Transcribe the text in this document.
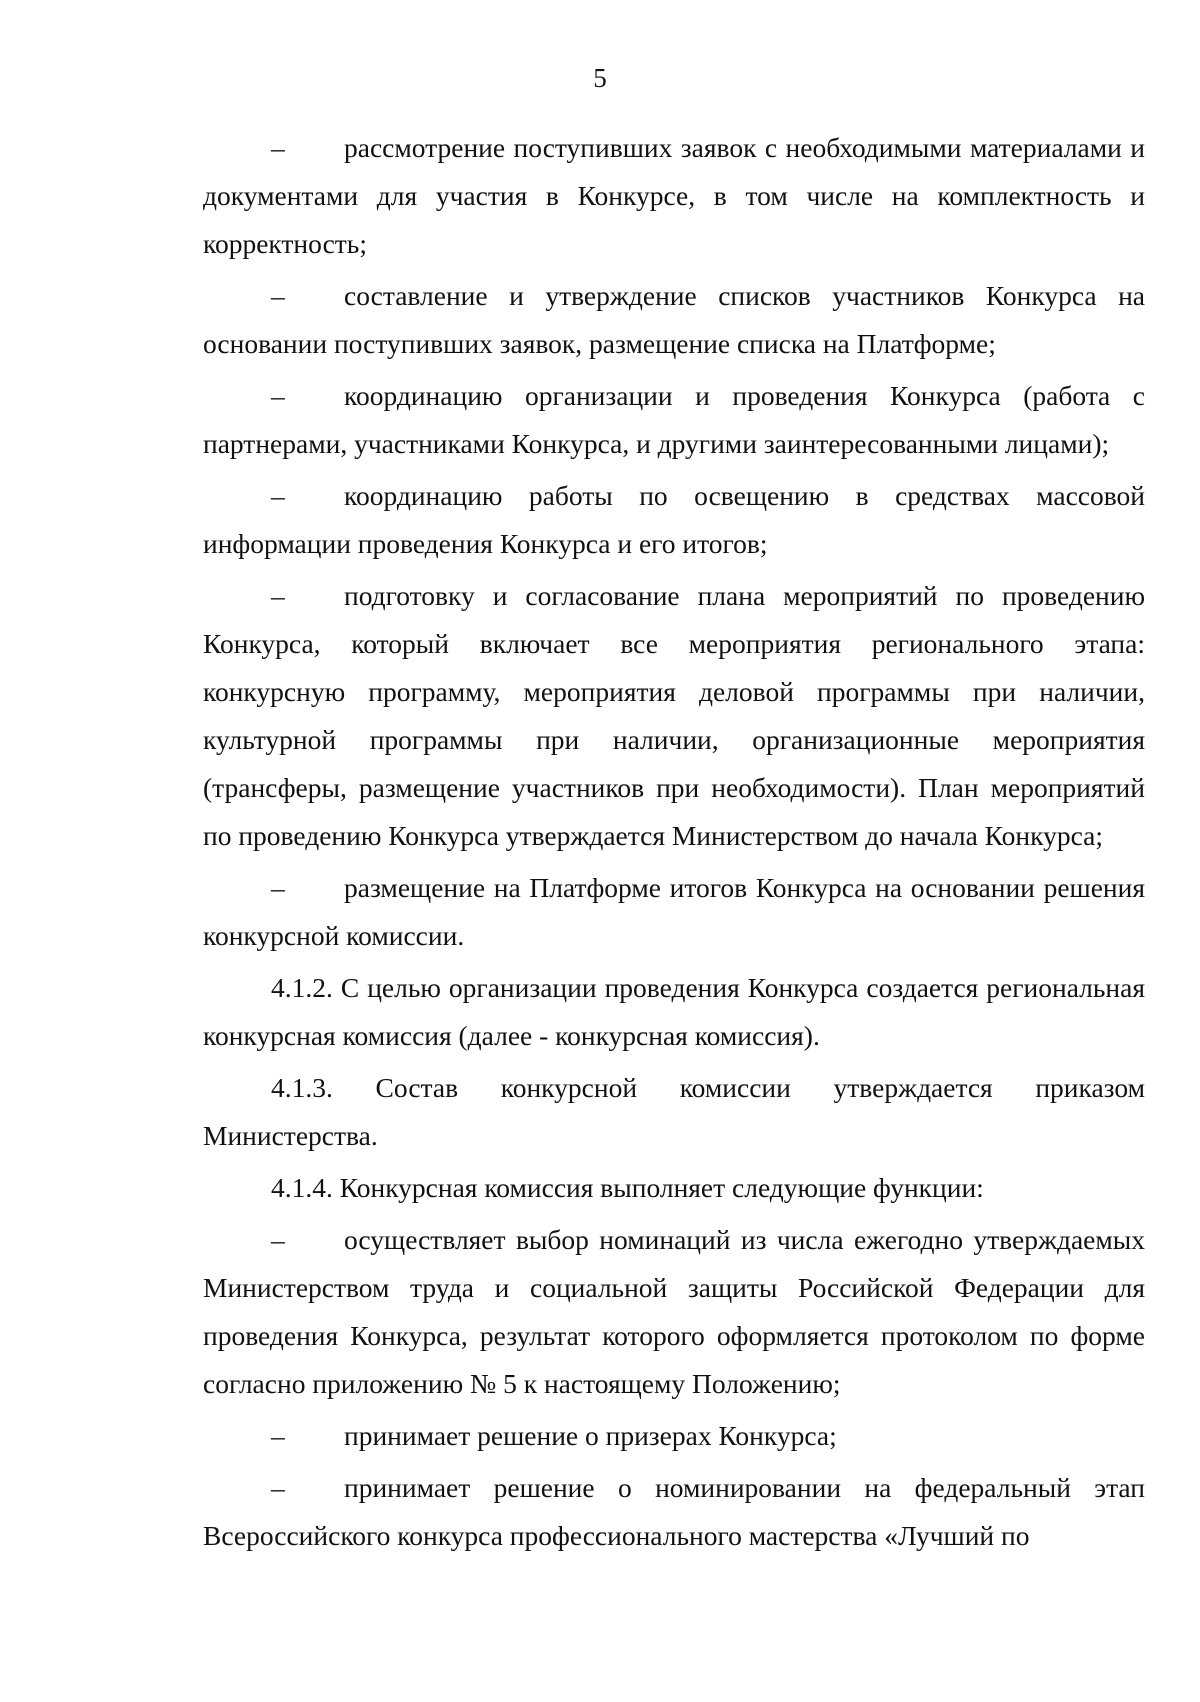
5

– рассмотрение поступивших заявок с необходимыми материалами и документами для участия в Конкурсе, в том числе на комплектность и корректность;

– составление и утверждение списков участников Конкурса на основании поступивших заявок, размещение списка на Платформе;

– координацию организации и проведения Конкурса (работа с партнерами, участниками Конкурса, и другими заинтересованными лицами);

– координацию работы по освещению в средствах массовой информации проведения Конкурса и его итогов;

– подготовку и согласование плана мероприятий по проведению Конкурса, который включает все мероприятия регионального этапа: конкурсную программу, мероприятия деловой программы при наличии, культурной программы при наличии, организационные мероприятия (трансферы, размещение участников при необходимости). План мероприятий по проведению Конкурса утверждается Министерством до начала Конкурса;

– размещение на Платформе итогов Конкурса на основании решения конкурсной комиссии.

4.1.2. С целью организации проведения Конкурса создается региональная конкурсная комиссия (далее - конкурсная комиссия).

4.1.3. Состав конкурсной комиссии утверждается приказом Министерства.

4.1.4. Конкурсная комиссия выполняет следующие функции:

– осуществляет выбор номинаций из числа ежегодно утверждаемых Министерством труда и социальной защиты Российской Федерации для проведения Конкурса, результат которого оформляется протоколом по форме согласно приложению № 5 к настоящему Положению;

– принимает решение о призерах Конкурса;

– принимает решение о номинировании на федеральный этап Всероссийского конкурса профессионального мастерства «Лучший по
